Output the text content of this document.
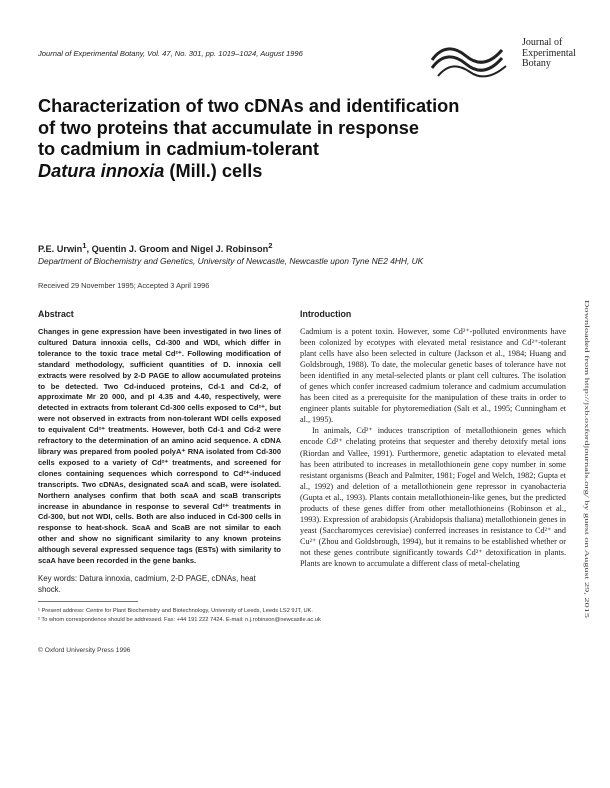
Journal of Experimental Botany, Vol. 47, No. 301, pp. 1019–1024, August 1996
Journal of
Experimental
Botany
Characterization of two cDNAs and identification
of two proteins that accumulate in response
to cadmium in cadmium-tolerant
Datura innoxia (Mill.) cells
P.E. Urwin$^1$, Quentin J. Groom and Nigel J. Robinson$^2$
Department of Biochemistry and Genetics, University of Newcastle, Newcastle upon Tyne NE2 4HH, UK
Received 29 November 1995; Accepted 3 April 1996
Abstract

Changes in gene expression have been investigated in two lines of cultured Datura innoxia cells, Cd-300 and WDI, which differ in tolerance to the toxic trace metal Cd²⁺. Following modification of standard methodology, sufficient quantities of D. innoxia cell extracts were resolved by 2-D PAGE to allow accumulated proteins to be detected. Two Cd-induced proteins, Cd-1 and Cd-2, of approximate Mr 20 000, and pI 4.35 and 4.40, respectively, were detected in extracts from tolerant Cd-300 cells exposed to Cd²⁺, but were not observed in extracts from non-tolerant WDI cells exposed to equivalent Cd²⁺ treatments. However, both Cd-1 and Cd-2 were refractory to the determination of an amino acid sequence. A cDNA library was prepared from pooled polyA⁺ RNA isolated from Cd-300 cells exposed to a variety of Cd²⁺ treatments, and screened for clones containing sequences which correspond to Cd²⁺-induced transcripts. Two cDNAs, designated scaA and scaB, were isolated. Northern analyses confirm that both scaA and scaB transcripts increase in abundance in response to several Cd²⁺ treatments in Cd-300, but not WDI, cells. Both are also induced in Cd-300 cells in response to heat-shock. ScaA and ScaB are not similar to each other and show no significant similarity to any known proteins although several expressed sequence tags (ESTs) with similarity to scaA have been recorded in the gene banks.

Key words: Datura innoxia, cadmium, 2-D PAGE, cDNAs, heat shock.
Introduction

Cadmium is a potent toxin. However, some Cd²⁺-polluted environments have been colonized by ecotypes with elevated metal resistance and Cd²⁺-tolerant plant cells have also been selected in culture (Jackson et al., 1984; Huang and Goldsbrough, 1988). To date, the molecular genetic bases of tolerance have not been identified in any metal-selected plants or plant cell cultures. The isolation of genes which confer increased cadmium tolerance and cadmium accumulation has been cited as a prerequisite for the manipulation of these traits in order to engineer plants suitable for phytoremediation (Salt et al., 1995; Cunningham et al., 1995).

In animals, Cd²⁺ induces transcription of metallothionein genes which encode Cd²⁺ chelating proteins that sequester and thereby detoxify metal ions (Riordan and Vallee, 1991). Furthermore, genetic adaptation to elevated metal has been attributed to increases in metallothionein gene copy number in some resistant organisms (Beach and Palmiter, 1981; Fogel and Welch, 1982; Gupta et al., 1992) and deletion of a metallothionein gene repressor in cyanobacteria (Gupta et al., 1993). Plants contain metallothionein-like genes, but the predicted products of these genes differ from other metallothioneins (Robinson et al., 1993). Expression of arabidopsis (Arabidopsis thaliana) metallothionein genes in yeast (Saccharomyces cerevisiae) conferred increases in resistance to Cd²⁺ and Cu²⁺ (Zhou and Goldsbrough, 1994), but it remains to be established whether or not these genes contribute significantly towards Cd²⁺ detoxification in plants. Plants are known to accumulate a different class of metal-chelating

¹ Present address: Centre for Plant Biochemistry and Biotechnology, University of Leeds, Leeds LS2 9JT, UK.
² To whom correspondence should be addressed. Fax: +44 191 222 7424. E-mail: n.j.robinson@newcastle.ac.uk
© Oxford University Press 1996
Downloaded from http://jxb.oxfordjournals.org/ by guest on August 29, 2015
